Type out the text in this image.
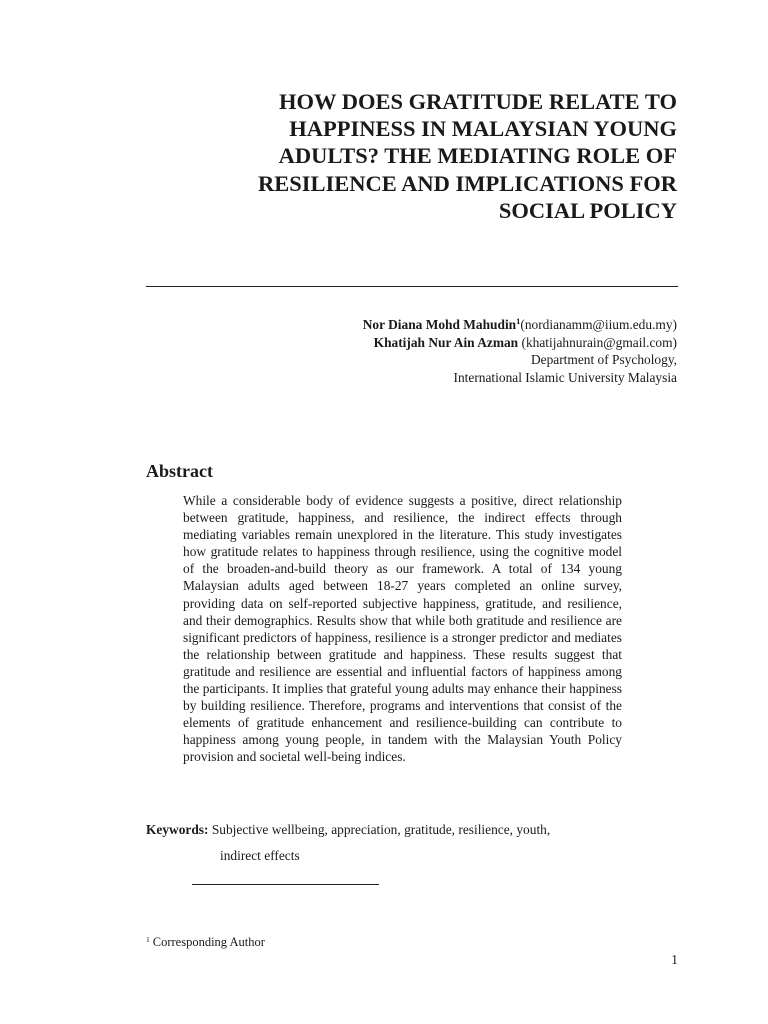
HOW DOES GRATITUDE RELATE TO
HAPPINESS IN MALAYSIAN YOUNG
ADULTS? THE MEDIATING ROLE OF
RESILIENCE AND IMPLICATIONS FOR
SOCIAL POLICY
Nor Diana Mohd Mahudin$^1$(nordianamm@iium.edu.my)
Khatijah Nur Ain Azman (khatijahnurain@gmail.com)
Department of Psychology,
International Islamic University Malaysia
Abstract

While a considerable body of evidence suggests a positive, direct relationship between gratitude, happiness, and resilience, the indirect effects through mediating variables remain unexplored in the literature. This study investigates how gratitude relates to happiness through resilience, using the cognitive model of the broaden-and-build theory as our framework. A total of 134 young Malaysian adults aged between 18-27 years completed an online survey, providing data on self-reported subjective happiness, gratitude, and resilience, and their demographics. Results show that while both gratitude and resilience are significant predictors of happiness, resilience is a stronger predictor and mediates the relationship between gratitude and happiness. These results suggest that gratitude and resilience are essential and influential factors of happiness among the participants. It implies that grateful young adults may enhance their happiness by building resilience. Therefore, programs and interventions that consist of the elements of gratitude enhancement and resilience-building can contribute to happiness among young people, in tandem with the Malaysian Youth Policy provision and societal well-being indices.

Keywords: Subjective wellbeing, appreciation, gratitude, resilience, youth,

indirect effects

$^1$ Corresponding Author

1
